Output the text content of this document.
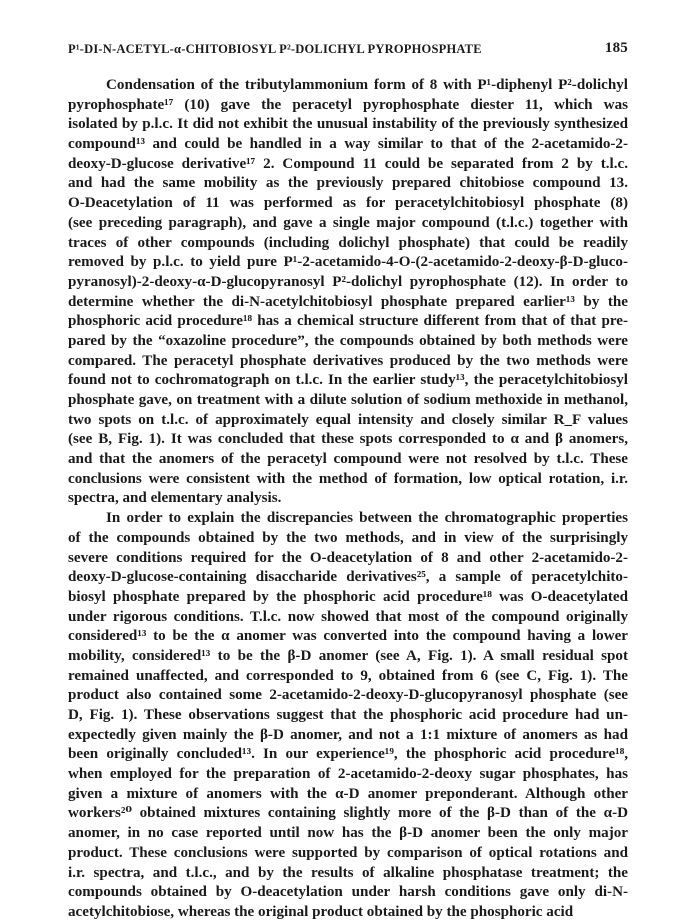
P¹-DI-N-ACETYL-α-CHITOBIOSYL P²-DOLICHYL PYROPHOSPHATE	185
Condensation of the tributylammonium form of 8 with P¹-diphenyl P²-dolichyl
pyrophosphate¹⁷ (10) gave the peracetyl pyrophosphate diester 11, which was
isolated by p.l.c. It did not exhibit the unusual instability of the previously synthesized
compound¹³ and could be handled in a way similar to that of the 2-acetamido-2-
deoxy-D-glucose derivative¹⁷ 2. Compound 11 could be separated from 2 by t.l.c.
and had the same mobility as the previously prepared chitobiose compound 13.
O-Deacetylation of 11 was performed as for peracetylchitobiosyl phosphate (8)
(see preceding paragraph), and gave a single major compound (t.l.c.) together with
traces of other compounds (including dolichyl phosphate) that could be readily
removed by p.l.c. to yield pure P¹-2-acetamido-4-O-(2-acetamido-2-deoxy-β-D-gluco-
pyranosyl)-2-deoxy-α-D-glucopyranosyl P²-dolichyl pyrophosphate (12). In order to
determine whether the di-N-acetylchitobiosyl phosphate prepared earlier¹³ by the
phosphoric acid procedure¹⁸ has a chemical structure different from that of that pre-
pared by the “oxazoline procedure”, the compounds obtained by both methods were
compared. The peracetyl phosphate derivatives produced by the two methods were
found not to cochromatograph on t.l.c. In the earlier study¹³, the peracetylchitobiosyl
phosphate gave, on treatment with a dilute solution of sodium methoxide in methanol,
two spots on t.l.c. of approximately equal intensity and closely similar R_F values
(see B, Fig. 1). It was concluded that these spots corresponded to α and β anomers,
and that the anomers of the peracetyl compound were not resolved by t.l.c. These
conclusions were consistent with the method of formation, low optical rotation, i.r.
spectra, and elementary analysis.
In order to explain the discrepancies between the chromatographic properties
of the compounds obtained by the two methods, and in view of the surprisingly
severe conditions required for the O-deacetylation of 8 and other 2-acetamido-2-
deoxy-D-glucose-containing disaccharide derivatives²⁵, a sample of peracetylchito-
biosyl phosphate prepared by the phosphoric acid procedure¹⁸ was O-deacetylated
under rigorous conditions. T.l.c. now showed that most of the compound originally
considered¹³ to be the α anomer was converted into the compound having a lower
mobility, considered¹³ to be the β-D anomer (see A, Fig. 1). A small residual spot
remained unaffected, and corresponded to 9, obtained from 6 (see C, Fig. 1). The
product also contained some 2-acetamido-2-deoxy-D-glucopyranosyl phosphate (see
D, Fig. 1). These observations suggest that the phosphoric acid procedure had un-
expectedly given mainly the β-D anomer, and not a 1:1 mixture of anomers as had
been originally concluded¹³. In our experience¹⁹, the phosphoric acid procedure¹⁸,
when employed for the preparation of 2-acetamido-2-deoxy sugar phosphates, has
given a mixture of anomers with the α-D anomer preponderant. Although other
workers²⁰ obtained mixtures containing slightly more of the β-D than of the α-D
anomer, in no case reported until now has the β-D anomer been the only major
product. These conclusions were supported by comparison of optical rotations and
i.r. spectra, and t.l.c., and by the results of alkaline phosphatase treatment; the
compounds obtained by O-deacetylation under harsh conditions gave only di-N-
acetylchitobiose, whereas the original product obtained by the phosphoric acid
